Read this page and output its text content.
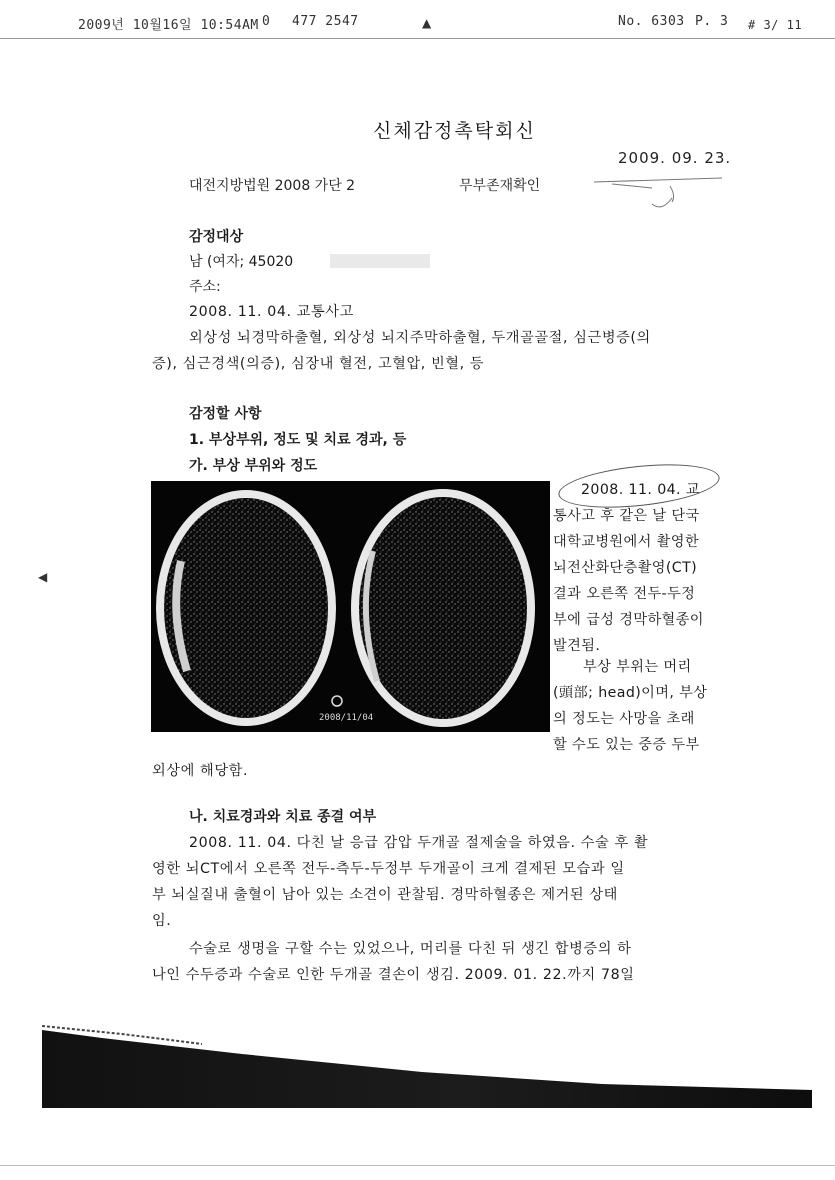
2009년 10월16일 10:54AM 0 477 2547	▲	No. 6303 P. 3 # 3/ 11
신체감정촉탁회신
2009. 09. 23.
대전지방법원 2008 가단 2	무부존재확인
감정대상
남 (여자; 45020
주소:
2008. 11. 04. 교통사고
외상성 뇌경막하출혈, 외상성 뇌지주막하출혈, 두개골골절, 심근병증(의
증), 심근경색(의증), 심장내 혈전, 고혈압, 빈혈, 등
감정할 사항
1. 부상부위, 정도 및 치료 경과, 등
가. 부상 부위와 정도
◀
2008/11/04
2008. 11. 04. 교
통사고 후 같은 날 단국
대학교병원에서 촬영한
뇌전산화단층촬영(CT)
결과 오른쪽 전두-두정
부에 급성 경막하혈종이
발견됨.
부상 부위는 머리
(頭部; head)이며, 부상
의 정도는 사망을 초래
할 수도 있는 중증 두부
외상에 해당함.
나. 치료경과와 치료 종결 여부
2008. 11. 04. 다친 날 응급 감압 두개골 절제술을 하였음. 수술 후 촬
영한 뇌CT에서 오른쪽 전두-측두-두정부 두개골이 크게 결제된 모습과 일
부 뇌실질내 출혈이 남아 있는 소견이 관찰됨. 경막하혈종은 제거된 상태
임.
수술로 생명을 구할 수는 있었으나, 머리를 다친 뒤 생긴 합병증의 하
나인 수두증과 수술로 인한 두개골 결손이 생김. 2009. 01. 22.까지 78일
